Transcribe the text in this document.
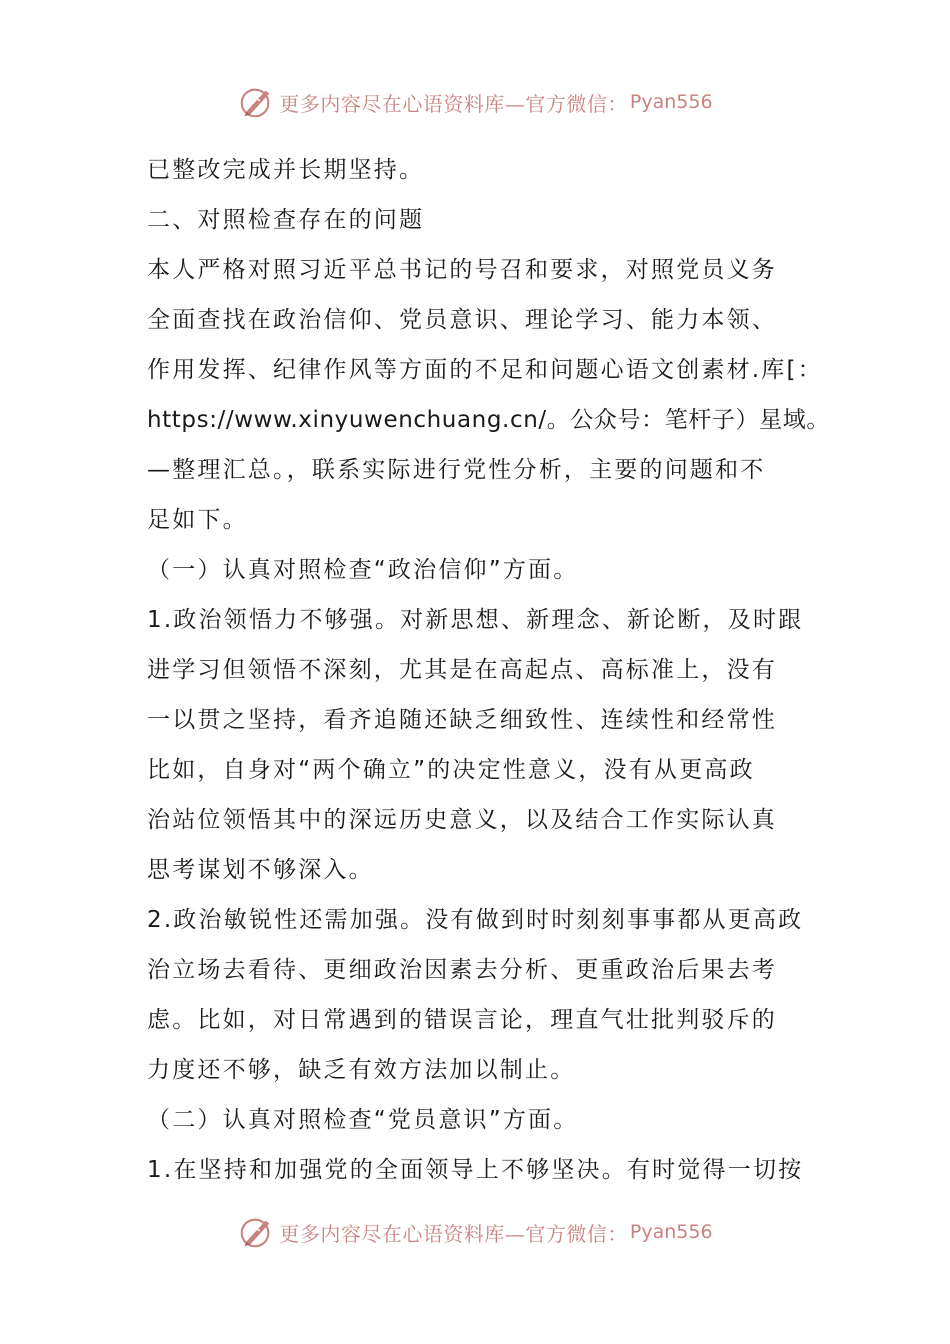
更多内容尽在心语资料库—官方微信： Pyan556
已整改完成并长期坚持。
二、对照检查存在的问题
本人严格对照习近平总书记的号召和要求，对照党员义务
全面查找在政治信仰、党员意识、理论学习、能力本领、
作用发挥、纪律作风等方面的不足和问题心语文创素材.库[：
https://www.xinyuwenchuang.cn/。公众号：笔杆子）星域。
—整理汇总。，联系实际进行党性分析，主要的问题和不
足如下。
（一）认真对照检查“政治信仰”方面。
1.政治领悟力不够强。对新思想、新理念、新论断，及时跟
进学习但领悟不深刻，尤其是在高起点、高标准上，没有
一以贯之坚持，看齐追随还缺乏细致性、连续性和经常性
比如，自身对“两个确立”的决定性意义，没有从更高政
治站位领悟其中的深远历史意义，以及结合工作实际认真
思考谋划不够深入。
2.政治敏锐性还需加强。没有做到时时刻刻事事都从更高政
治立场去看待、更细政治因素去分析、更重政治后果去考
虑。比如，对日常遇到的错误言论，理直气壮批判驳斥的
力度还不够，缺乏有效方法加以制止。
（二）认真对照检查“党员意识”方面。
1.在坚持和加强党的全面领导上不够坚决。有时觉得一切按
更多内容尽在心语资料库—官方微信： Pyan556
